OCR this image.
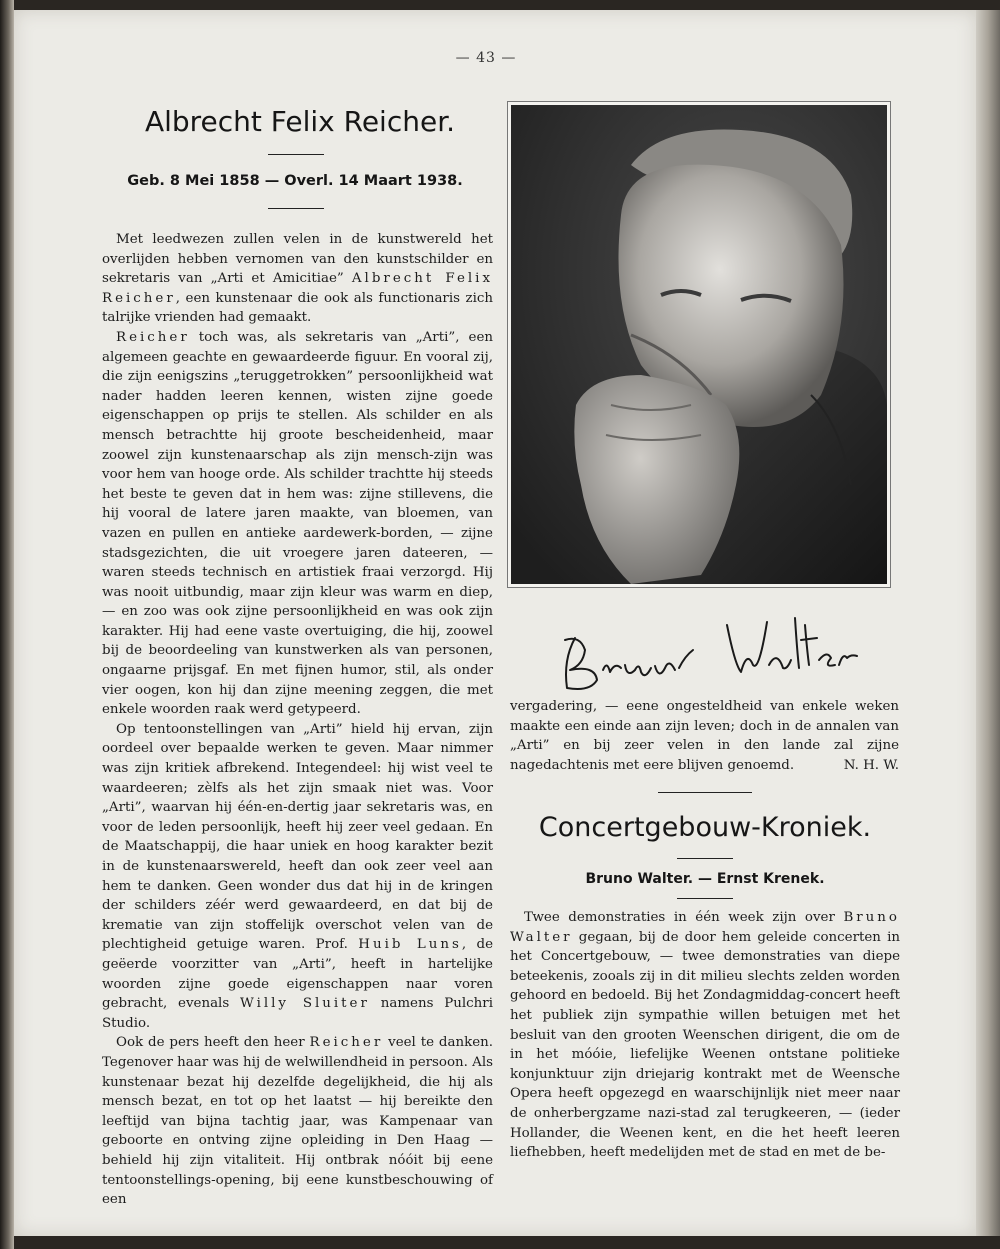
— 43 —
Albrecht Felix Reicher.
Geb. 8 Mei 1858 — Overl. 14 Maart 1938.

Met leedwezen zullen velen in de kunstwereld het overlijden hebben vernomen van den kunstschilder en sekretaris van „Arti et Amicitiae” Albrecht Felix Reicher, een kunstenaar die ook als functionaris zich talrijke vrienden had gemaakt.

Reicher toch was, als sekretaris van „Arti”, een algemeen geachte en gewaardeerde figuur. En vooral zij, die zijn eenigszins „teruggetrokken” persoonlijkheid wat nader hadden leeren kennen, wisten zijne goede eigenschappen op prijs te stellen. Als schilder en als mensch betrachtte hij groote bescheidenheid, maar zoowel zijn kunstenaarschap als zijn mensch-zijn was voor hem van hooge orde. Als schilder trachtte hij steeds het beste te geven dat in hem was: zijne stillevens, die hij vooral de latere jaren maakte, van bloemen, van vazen en pullen en antieke aardewerk-borden, — zijne stadsgezichten, die uit vroegere jaren dateeren, — waren steeds technisch en artistiek fraai verzorgd. Hij was nooit uitbundig, maar zijn kleur was warm en diep, — en zoo was ook zijne persoonlijkheid en was ook zijn karakter. Hij had eene vaste overtuiging, die hij, zoowel bij de beoordeeling van kunstwerken als van personen, ongaarne prijsgaf. En met fijnen humor, stil, als onder vier oogen, kon hij dan zijne meening zeggen, die met enkele woorden raak werd getypeerd.

Op tentoonstellingen van „Arti” hield hij ervan, zijn oordeel over bepaalde werken te geven. Maar nimmer was zijn kritiek afbrekend. Integendeel: hij wist veel te waardeeren; zèlfs als het zijn smaak niet was. Voor „Arti”, waarvan hij één-en-dertig jaar sekretaris was, en voor de leden persoonlijk, heeft hij zeer veel gedaan. En de Maatschappij, die haar uniek en hoog karakter bezit in de kunstenaarswereld, heeft dan ook zeer veel aan hem te danken. Geen wonder dus dat hij in de kringen der schilders zéér werd gewaardeerd, en dat bij de krematie van zijn stoffelijk overschot velen van de plechtigheid getuige waren. Prof. Huib Luns, de geëerde voorzitter van „Arti”, heeft in hartelijke woorden zijne goede eigenschappen naar voren gebracht, evenals Willy Sluiter namens Pulchri Studio.

Ook de pers heeft den heer Reicher veel te danken. Tegenover haar was hij de welwillendheid in persoon. Als kunstenaar bezat hij dezelfde degelijkheid, die hij als mensch bezat, en tot op het laatst — hij bereikte den leeftijd van bijna tachtig jaar, was Kampenaar van geboorte en ontving zijne opleiding in Den Haag — behield hij zijn vitaliteit. Hij ontbrak nóóit bij eene tentoonstellings-opening, bij eene kunstbeschouwing of een

vergadering, — eene ongesteldheid van enkele weken maakte een einde aan zijn leven; doch in de annalen van „Arti” en bij zeer velen in den lande zal zijne nagedachtenis met eere blijven genoemd.	N. H. W.

Concertgebouw-Kroniek.
Bruno Walter. — Ernst Krenek.

Twee demonstraties in één week zijn over Bruno Walter gegaan, bij de door hem geleide concerten in het Concertgebouw, — twee demonstraties van diepe beteekenis, zooals zij in dit milieu slechts zelden worden gehoord en bedoeld. Bij het Zondagmiddag-concert heeft het publiek zijn sympathie willen betuigen met het besluit van den grooten Weenschen dirigent, die om de in het móóie, liefelijke Weenen ontstane politieke konjunktuur zijn driejarig kontrakt met de Weensche Opera heeft opgezegd en waarschijnlijk niet meer naar de onherbergzame nazi-stad zal terugkeeren, — (ieder Hollander, die Weenen kent, en die het heeft leeren liefhebben, heeft medelijden met de stad en met de be-
